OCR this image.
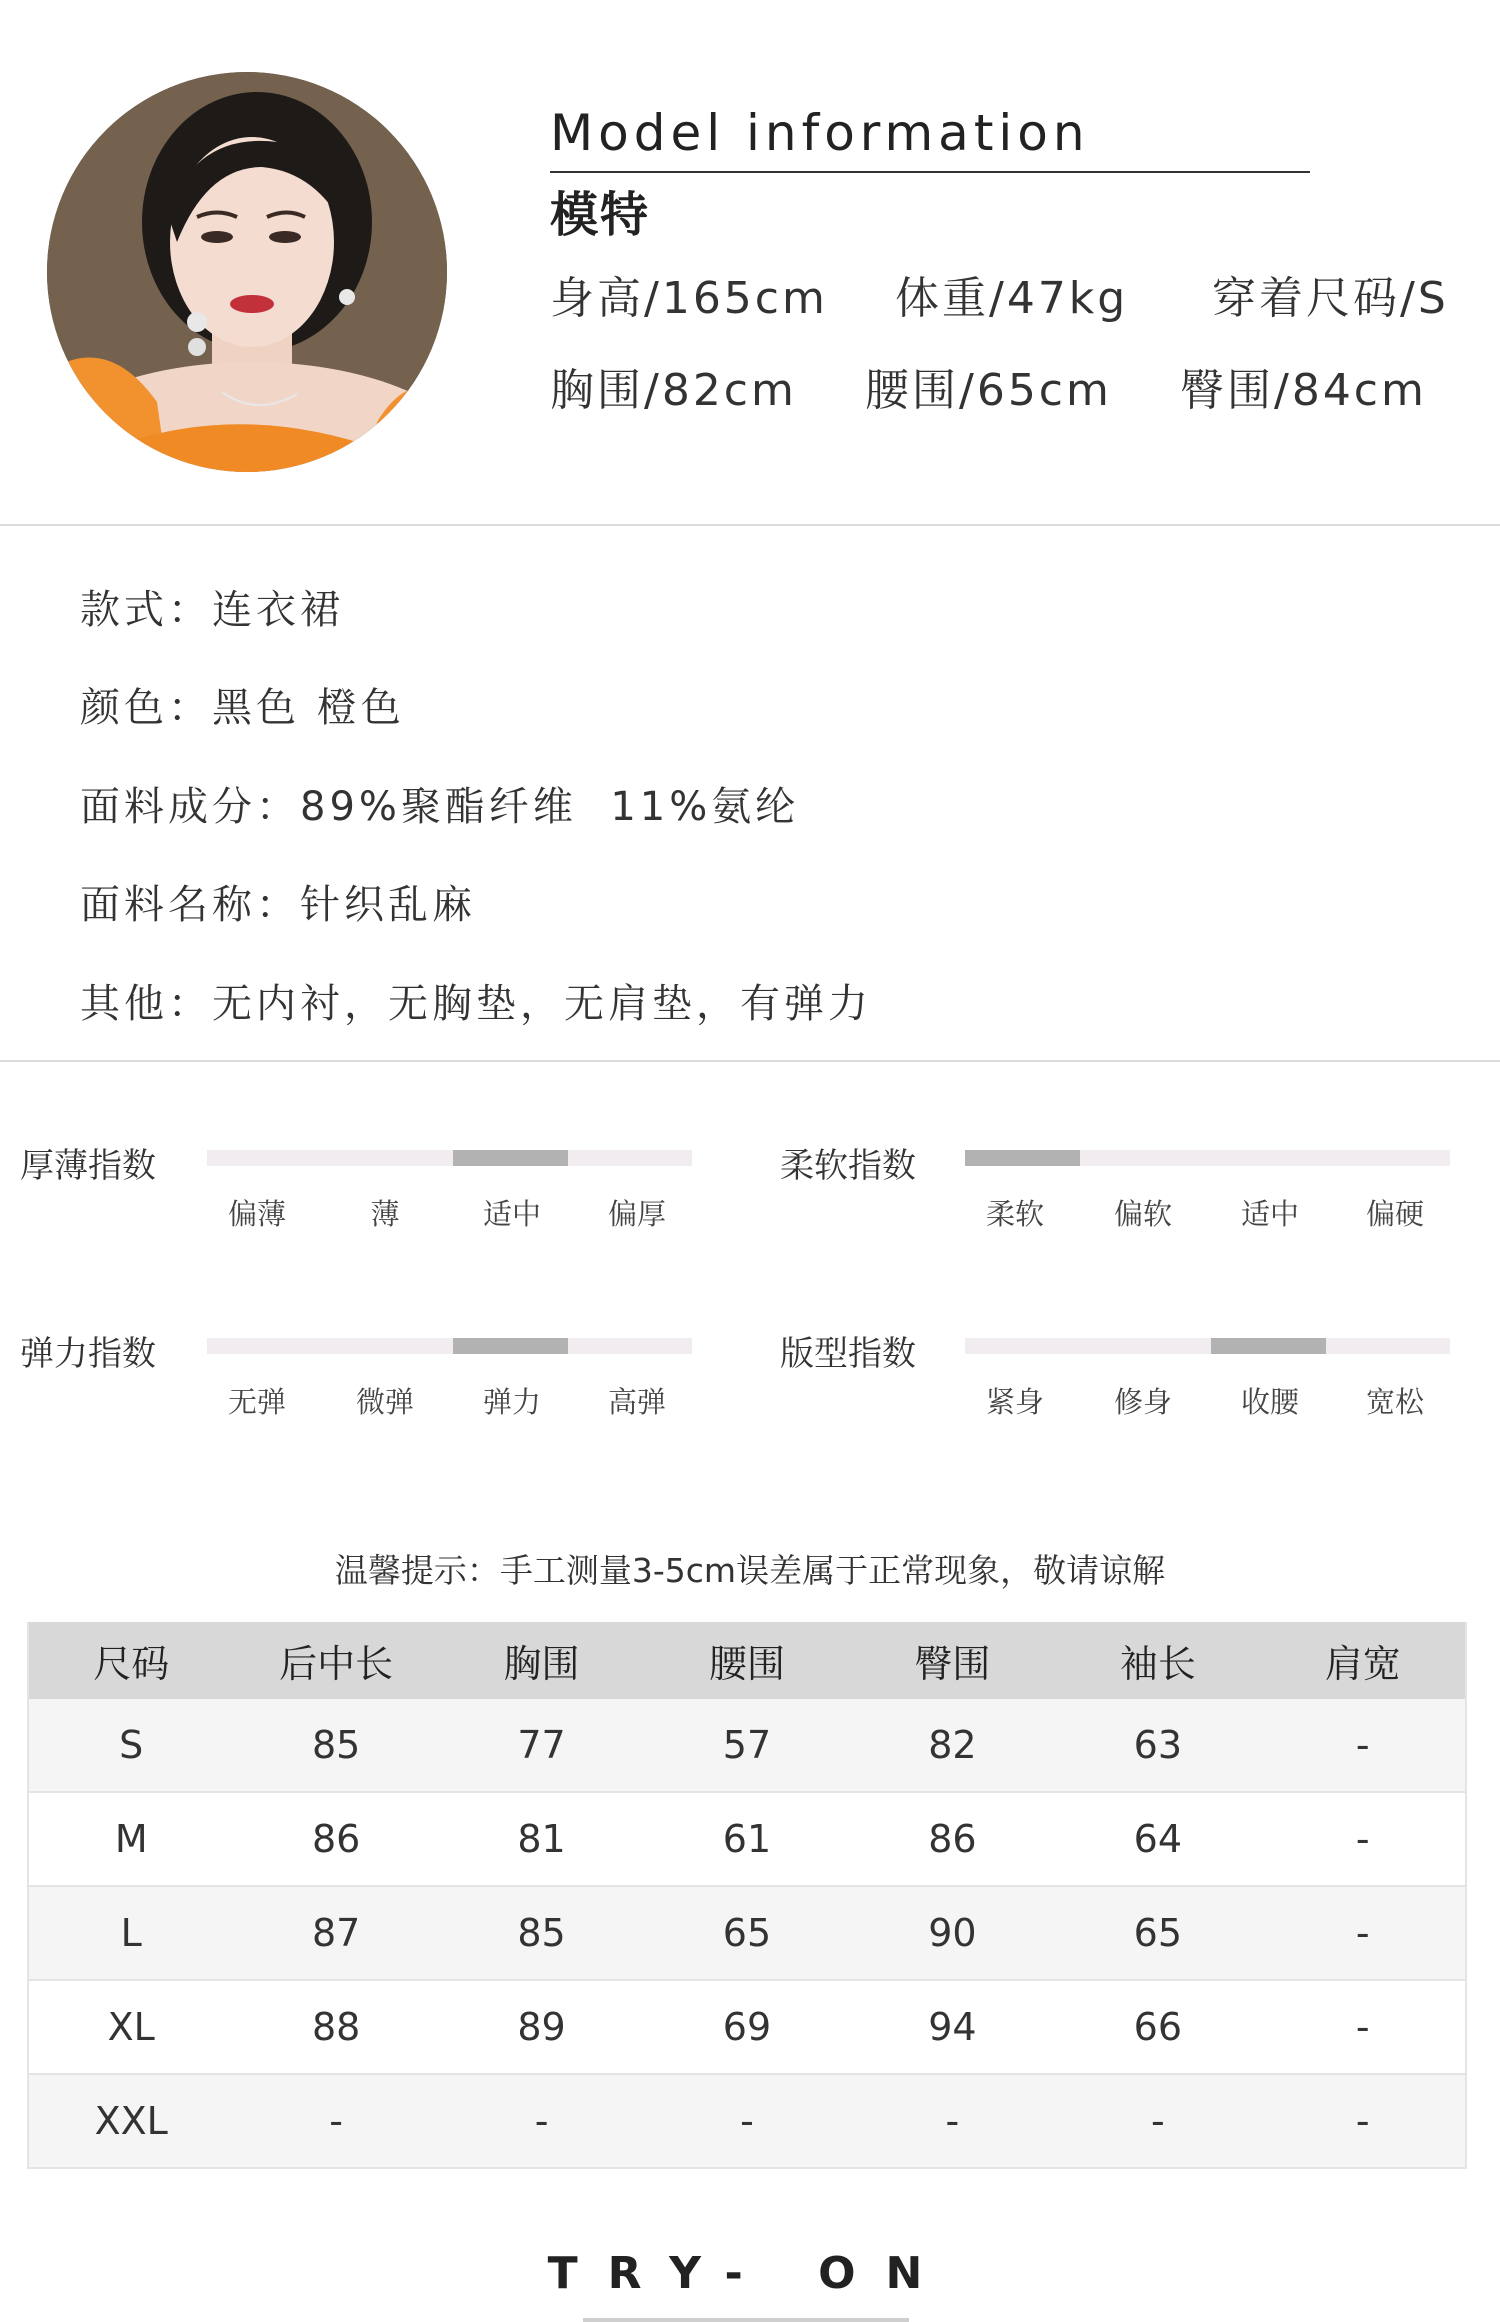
Model information
模特
身高/165cm 体重/47kg 穿着尺码/S
胸围/82cm 腰围/65cm 臀围/84cm
款式：连衣裙
颜色：黑色 橙色
面料成分：89%聚酯纤维  11%氨纶
面料名称：针织乱麻
其他：无内衬，无胸垫，无肩垫，有弹力
厚薄指数
偏薄	薄	适中 偏厚
柔软指数
柔软 偏软 适中 偏硬
弹力指数
无弹 微弹 弹力 高弹
版型指数
紧身 修身 收腰 宽松
温馨提示：手工测量3-5cm误差属于正常现象，敬请谅解
尺码	后中长	胸围	腰围	臀围	袖长	肩宽
S	85	77	57	82	63	-
M	86	81	61	86	64	-
L	87	85	65	90	65	-
XL	88	89	69	94	66	-
XXL	-	-	-	-	-	-
TRY- ON
